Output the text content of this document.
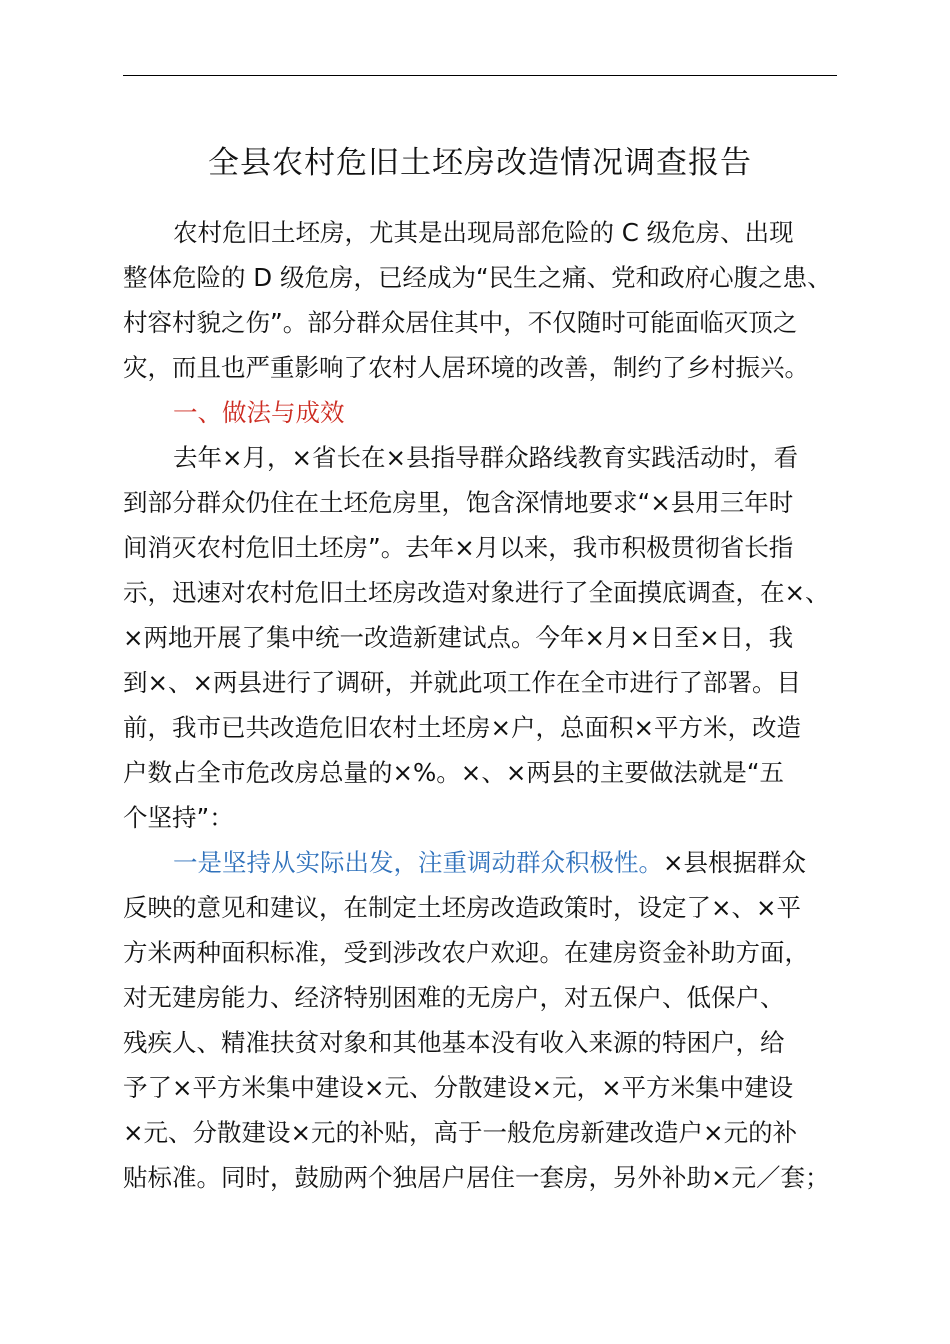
全县农村危旧土坯房改造情况调查报告
农村危旧土坯房，尤其是出现局部危险的 C 级危房、出现
整体危险的 D 级危房，已经成为“民生之痛、党和政府心腹之患、
村容村貌之伤”。部分群众居住其中，不仅随时可能面临灭顶之
灾，而且也严重影响了农村人居环境的改善，制约了乡村振兴。
一、做法与成效
去年×月，×省长在×县指导群众路线教育实践活动时，看
到部分群众仍住在土坯危房里，饱含深情地要求“×县用三年时
间消灭农村危旧土坯房”。去年×月以来，我市积极贯彻省长指
示，迅速对农村危旧土坯房改造对象进行了全面摸底调查，在×、
×两地开展了集中统一改造新建试点。今年×月×日至×日，我
到×、×两县进行了调研，并就此项工作在全市进行了部署。目
前，我市已共改造危旧农村土坯房×户，总面积×平方米，改造
户数占全市危改房总量的×%。×、×两县的主要做法就是“五
个坚持”：
一是坚持从实际出发，注重调动群众积极性。×县根据群众
反映的意见和建议，在制定土坯房改造政策时，设定了×、×平
方米两种面积标准，受到涉改农户欢迎。在建房资金补助方面，
对无建房能力、经济特别困难的无房户，对五保户、低保户、
残疾人、精准扶贫对象和其他基本没有收入来源的特困户，给
予了×平方米集中建设×元、分散建设×元，×平方米集中建设
×元、分散建设×元的补贴，高于一般危房新建改造户×元的补
贴标准。同时，鼓励两个独居户居住一套房，另外补助×元／套；
